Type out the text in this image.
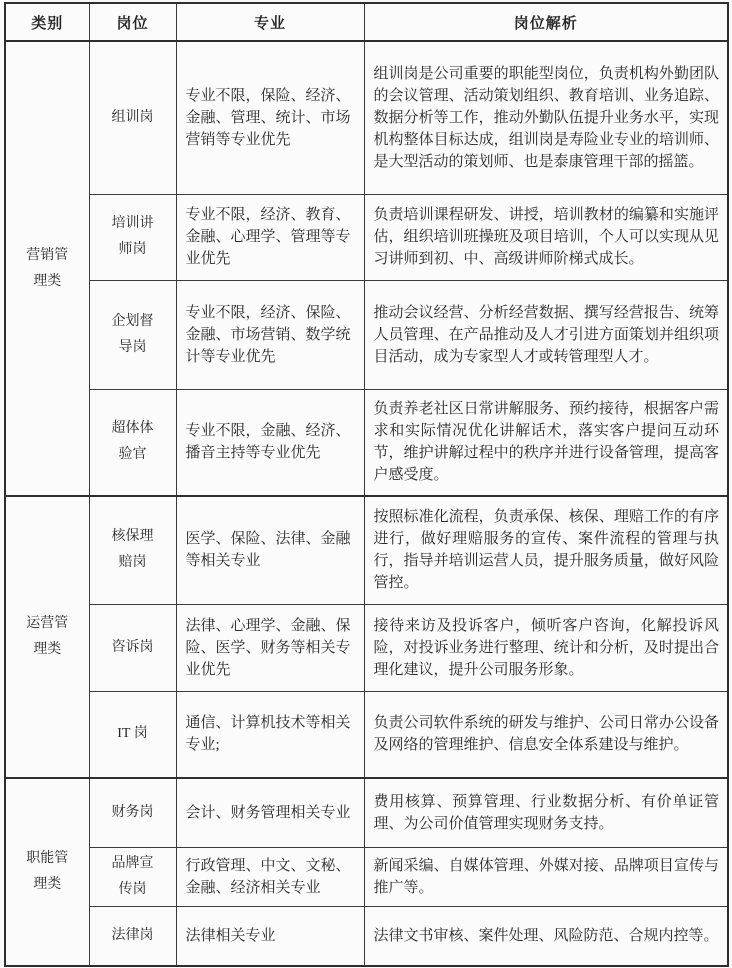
类别	岗位	专业	岗位解析
营销管理类	组训岗	专业不限，保险、经济、金融、管理、统计、市场营销等专业优先	组训岗是公司重要的职能型岗位，负责机构外勤团队的会议管理、活动策划组织、教育培训、业务追踪、数据分析等工作，推动外勤队伍提升业务水平，实现机构整体目标达成，组训岗是寿险业专业的培训师、是大型活动的策划师、也是泰康管理干部的摇篮。
	培训讲师岗	专业不限，经济、教育、金融、心理学、管理等专业优先	负责培训课程研发、讲授，培训教材的编纂和实施评估，组织培训班操班及项目培训，个人可以实现从见习讲师到初、中、高级讲师阶梯式成长。
	企划督导岗	专业不限，经济、保险、金融、市场营销、数学统计等专业优先	推动会议经营、分析经营数据、撰写经营报告、统筹人员管理、在产品推动及人才引进方面策划并组织项目活动，成为专家型人才或转管理型人才。
	超体体验官	专业不限，金融、经济、播音主持等专业优先	负责养老社区日常讲解服务、预约接待，根据客户需求和实际情况优化讲解话术，落实客户提问互动环节，维护讲解过程中的秩序并进行设备管理，提高客户感受度。
运营管理类	核保理赔岗	医学、保险、法律、金融等相关专业	按照标准化流程，负责承保、核保、理赔工作的有序进行，做好理赔服务的宣传、案件流程的管理与执行，指导并培训运营人员，提升服务质量，做好风险管控。
	咨诉岗	法律、心理学、金融、保险、医学、财务等相关专业优先	接待来访及投诉客户，倾听客户咨询，化解投诉风险，对投诉业务进行整理、统计和分析，及时提出合理化建议，提升公司服务形象。
	IT 岗	通信、计算机技术等相关专业;	负责公司软件系统的研发与维护、公司日常办公设备及网络的管理维护、信息安全体系建设与维护。
职能管理类	财务岗	会计、财务管理相关专业	费用核算、预算管理、行业数据分析、有价单证管理、为公司价值管理实现财务支持。
	品牌宣传岗	行政管理、中文、文秘、金融、经济相关专业	新闻采编、自媒体管理、外媒对接、品牌项目宣传与推广等。
	法律岗	法律相关专业	法律文书审核、案件处理、风险防范、合规内控等。
